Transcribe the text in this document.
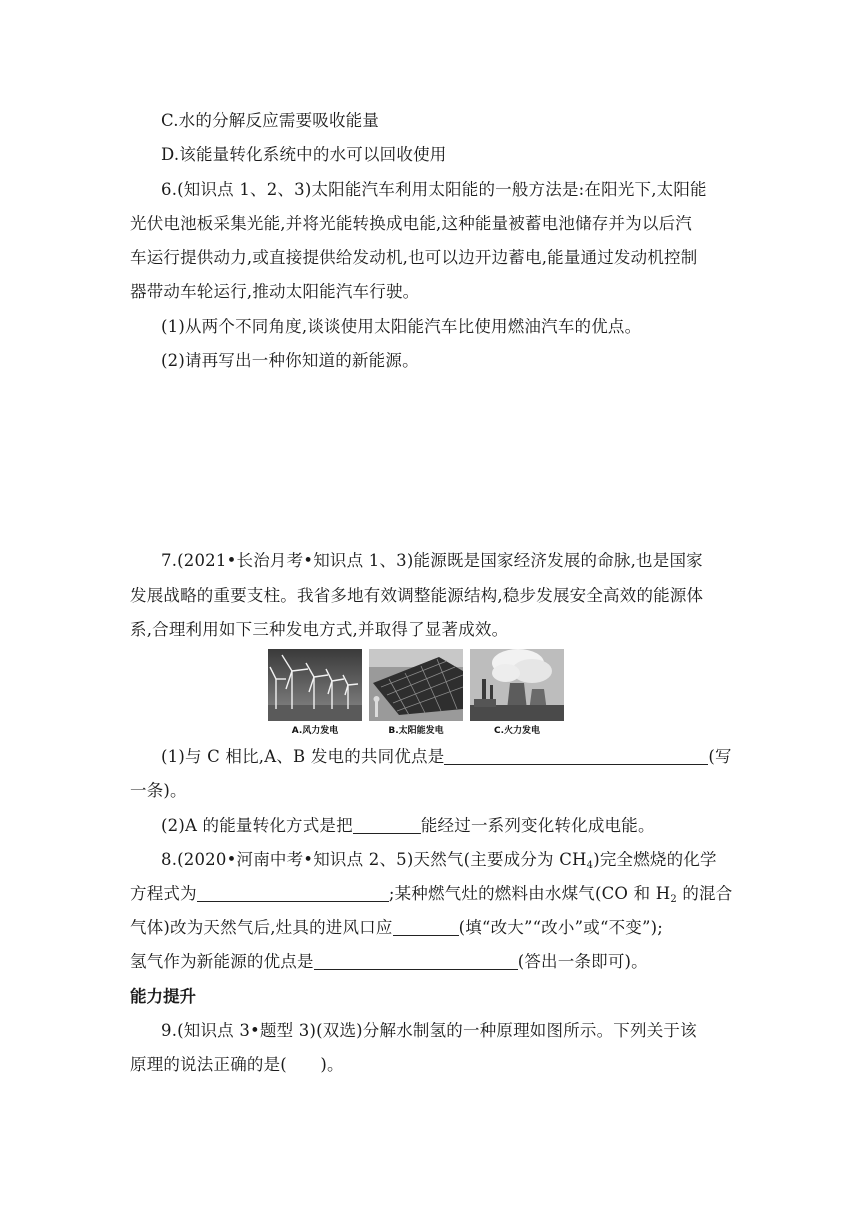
C.水的分解反应需要吸收能量
D.该能量转化系统中的水可以回收使用
6.(知识点 1、2、3)太阳能汽车利用太阳能的一般方法是:在阳光下,太阳能
光伏电池板采集光能,并将光能转换成电能,这种能量被蓄电池储存并为以后汽
车运行提供动力,或直接提供给发动机,也可以边开边蓄电,能量通过发动机控制
器带动车轮运行,推动太阳能汽车行驶。
(1)从两个不同角度,谈谈使用太阳能汽车比使用燃油汽车的优点。
(2)请再写出一种你知道的新能源。
7.(2021•长治月考•知识点 1、3)能源既是国家经济发展的命脉,也是国家
发展战略的重要支柱。我省多地有效调整能源结构,稳步发展安全高效的能源体
系,合理利用如下三种发电方式,并取得了显著成效。
A.风力发电	B.太阳能发电	C.火力发电
(1)与 C 相比,A、B 发电的共同优点是	(写
一条)。
(2)A 的能量转化方式是把	能经过一系列变化转化成电能。
8.(2020•河南中考•知识点 2、5)天然气(主要成分为 $CH_4$)完全燃烧的化学
方程式为	;某种燃气灶的燃料由水煤气(CO 和 $H_2$ 的混合
气体)改为天然气后,灶具的进风口应	(填“改大”“改小”或“不变”);
氢气作为新能源的优点是	(答出一条即可)。
能力提升
9.(知识点 3•题型 3)(双选)分解水制氢的一种原理如图所示。下列关于该
原理的说法正确的是(　　)。
